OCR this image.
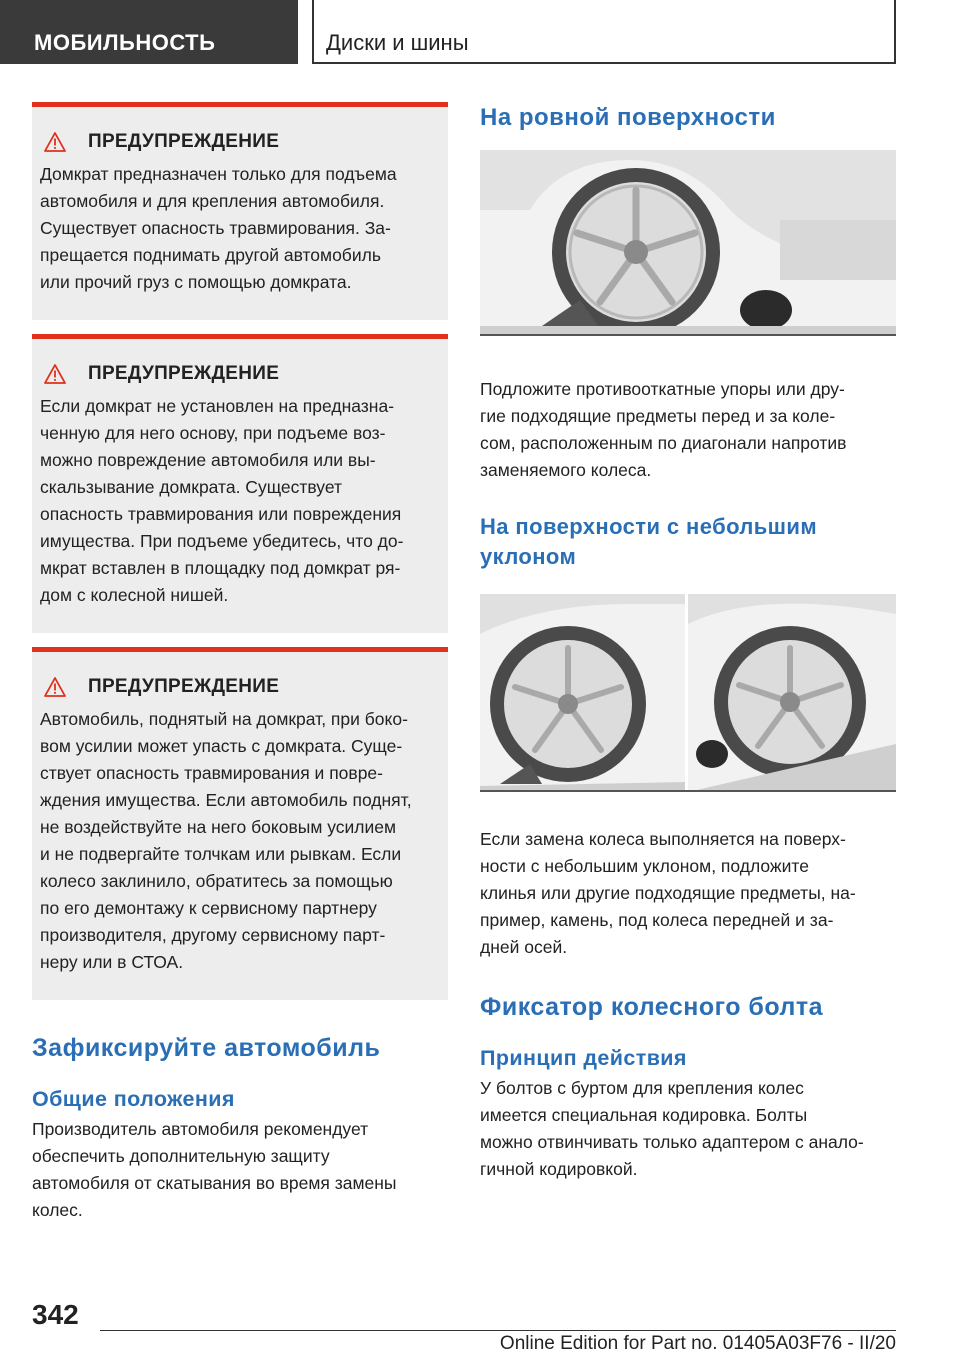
МОБИЛЬНОСТЬ	Диски и шины
ПРЕДУПРЕЖДЕНИЕ
Домкрат предназначен только для подъема
автомобиля и для крепления автомобиля.
Существует опасность травмирования. За‐
прещается поднимать другой автомобиль
или прочий груз с помощью домкрата.
ПРЕДУПРЕЖДЕНИЕ
Если домкрат не установлен на предназна‐
ченную для него основу, при подъеме воз‐
можно повреждение автомобиля или вы‐
скальзывание домкрата. Существует
опасность травмирования или повреждения
имущества. При подъеме убедитесь, что до‐
мкрат вставлен в площадку под домкрат ря‐
дом с колесной нишей.
ПРЕДУПРЕЖДЕНИЕ
Автомобиль, поднятый на домкрат, при боко‐
вом усилии может упасть с домкрата. Суще‐
ствует опасность травмирования и повре‐
ждения имущества. Если автомобиль поднят,
не воздействуйте на него боковым усилием
и не подвергайте толчкам или рывкам. Если
колесо заклинило, обратитесь за помощью
по его демонтажу к сервисному партнеру
производителя, другому сервисному парт‐
неру или в СТОА.
Зафиксируйте автомобиль
Общие положения
Производитель автомобиля рекомендует
обеспечить дополнительную защиту
автомобиля от скатывания во время замены
колес.
На ровной поверхности
Подложите противооткатные упоры или дру‐
гие подходящие предметы перед и за коле‐
сом, расположенным по диагонали напротив
заменяемого колеса.
На поверхности с небольшим
уклоном
Если замена колеса выполняется на поверх‐
ности с небольшим уклоном, подложите
клинья или другие подходящие предметы, на‐
пример, камень, под колеса передней и за‐
дней осей.
Фиксатор колесного болта
Принцип действия
У болтов с буртом для крепления колес
имеется специальная кодировка. Болты
можно отвинчивать только адаптером с анало‐
гичной кодировкой.
342
Online Edition for Part no. 01405A03F76 - II/20
